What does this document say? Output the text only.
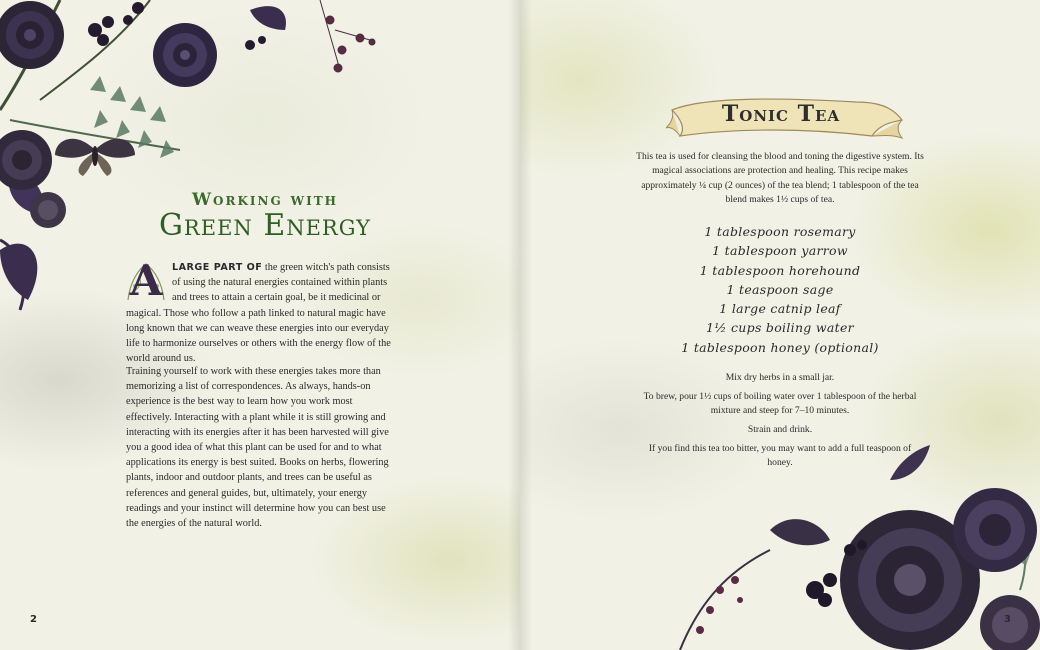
Working with
Green Energy
A	LARGE PART OF the green witch's path consists of using the natural energies contained within plants and trees to attain a certain goal, be it medicinal or magical. Those who follow a path linked to natural magic have long known that we can weave these energies into our everyday life to harmonize ourselves or others with the energy flow of the world around us.
Training yourself to work with these energies takes more than memorizing a list of correspondences. As always, hands-on experience is the best way to learn how you work most effectively. Interacting with a plant while it is still growing and interacting with its energies after it has been harvested will give you a good idea of what this plant can be used for and to what applications its energy is best suited. Books on herbs, flowering plants, indoor and outdoor plants, and trees can be useful as references and general guides, but, ultimately, your energy readings and your instinct will determine how you can best use the energies of the natural world.
2
Tonic Tea
This tea is used for cleansing the blood and toning the digestive system. Its magical associations are protection and healing. This recipe makes approximately ¼ cup (2 ounces) of the tea blend; 1 tablespoon of the tea blend makes 1½ cups of tea.
1 tablespoon rosemary
1 tablespoon yarrow
1 tablespoon horehound
1 teaspoon sage
1 large catnip leaf
1½ cups boiling water
1 tablespoon honey (optional)

Mix dry herbs in a small jar.

To brew, pour 1½ cups of boiling water over 1 tablespoon of the herbal mixture and steep for 7–10 minutes.

Strain and drink.

If you find this tea too bitter, you may want to add a full teaspoon of honey.

3
